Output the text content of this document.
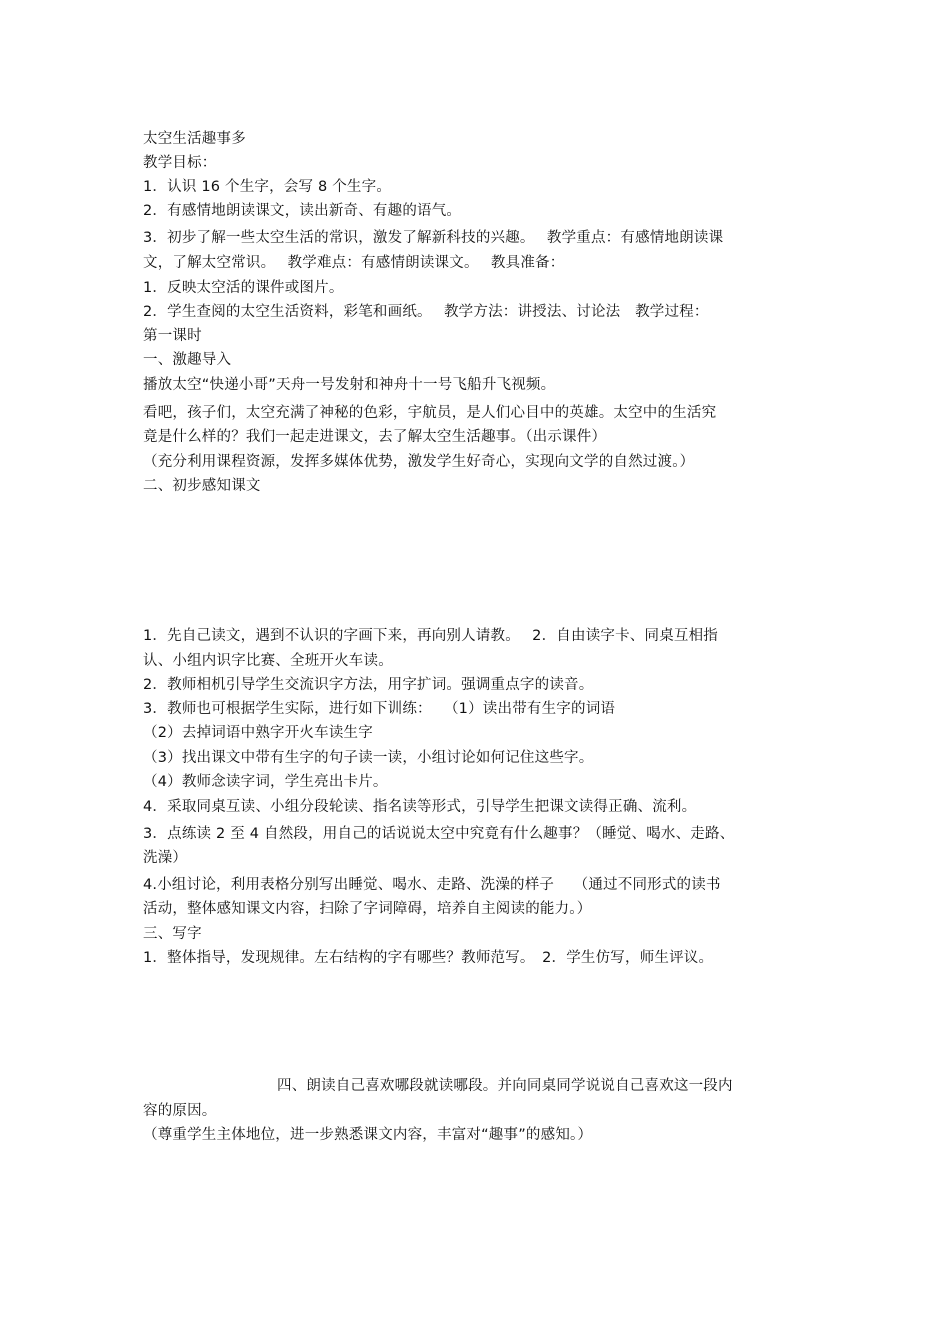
太空生活趣事多
教学目标：
1．认识 16 个生字，会写 8 个生字。
2．有感情地朗读课文，读出新奇、有趣的语气。
3．初步了解一些太空生活的常识，激发了解新科技的兴趣。　 教学重点：有感情地朗读课
文，了解太空常识。　 教学难点：有感情朗读课文。　 教具准备：
1．反映太空活的课件或图片。
2．学生查阅的太空生活资料，彩笔和画纸。　 教学方法：讲授法、讨论法　教学过程：
第一课时
一、激趣导入
播放太空“快递小哥”天舟一号发射和神舟十一号飞船升飞视频。
看吧，孩子们，太空充满了神秘的色彩，宇航员，是人们心目中的英雄。太空中的生活究
竟是什么样的？我们一起走进课文，去了解太空生活趣事。（出示课件）
（充分利用课程资源，发挥多媒体优势，激发学生好奇心，实现向文学的自然过渡。）
二、初步感知课文
1．先自己读文，遇到不认识的字画下来，再向别人请教。　 2．自由读字卡、同桌互相指
认、小组内识字比赛、全班开火车读。
2．教师相机引导学生交流识字方法，用字扩词。强调重点字的读音。
3．教师也可根据学生实际，进行如下训练：　 （1）读出带有生字的词语
（2）去掉词语中熟字开火车读生字
（3）找出课文中带有生字的句子读一读，小组讨论如何记住这些字。
（4）教师念读字词，学生亮出卡片。
4．采取同桌互读、小组分段轮读、指名读等形式，引导学生把课文读得正确、流利。
3．点练读 2 至 4 自然段，用自己的话说说太空中究竟有什么趣事？（睡觉、喝水、走路、
洗澡）
4.小组讨论，利用表格分别写出睡觉、喝水、走路、洗澡的样子　 （通过不同形式的读书
活动，整体感知课文内容，扫除了字词障碍，培养自主阅读的能力。）
三、写字
1．整体指导，发现规律。左右结构的字有哪些？教师范写。　2．学生仿写，师生评议。
四、朗读自己喜欢哪段就读哪段。并向同桌同学说说自己喜欢这一段内
容的原因。
（尊重学生主体地位，进一步熟悉课文内容，丰富对“趣事”的感知。）
